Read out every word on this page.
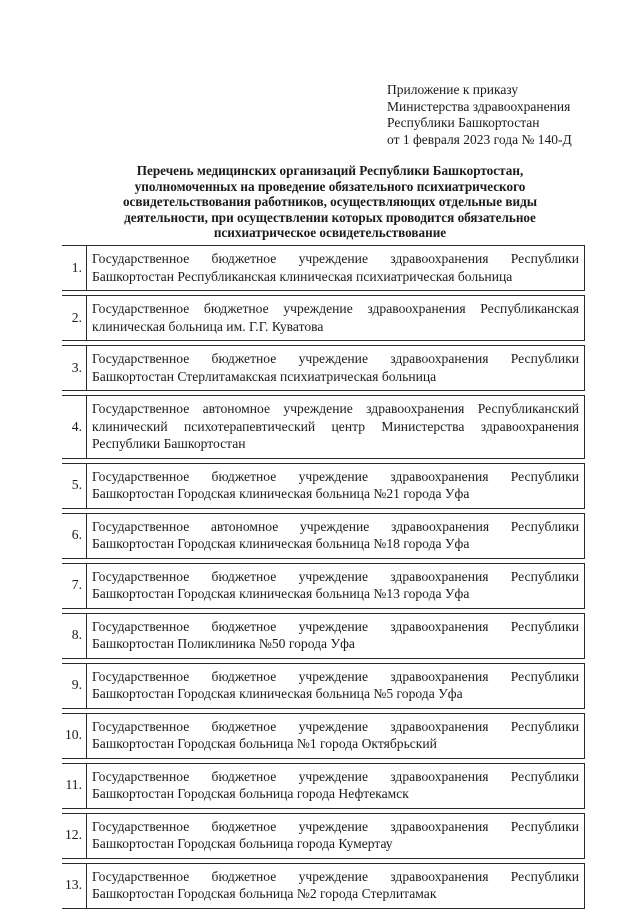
Приложение к приказу
Министерства здравоохранения
Республики Башкортостан
от 1 февраля 2023 года № 140-Д
Перечень медицинских организаций Республики Башкортостан,
уполномоченных на проведение обязательного психиатрического
освидетельствования работников, осуществляющих отдельные виды
деятельности, при осуществлении которых проводится обязательное
психиатрическое освидетельствование
1.	Государственное бюджетное учреждение здравоохранения Республики Башкортостан Республиканская клиническая психиатрическая больница

2.	Государственное бюджетное учреждение здравоохранения Республиканская клиническая больница им. Г.Г. Куватова

3.	Государственное бюджетное учреждение здравоохранения Республики Башкортостан Стерлитамакская психиатрическая больница

4.	Государственное автономное учреждение здравоохранения Республиканский клинический психотерапевтический центр Министерства здравоохранения Республики Башкортостан

5.	Государственное бюджетное учреждение здравоохранения Республики Башкортостан Городская клиническая больница №21 города Уфа

6.	Государственное автономное учреждение здравоохранения Республики Башкортостан Городская клиническая больница №18 города Уфа

7.	Государственное бюджетное учреждение здравоохранения Республики Башкортостан Городская клиническая больница №13 города Уфа

8.	Государственное бюджетное учреждение здравоохранения Республики Башкортостан Поликлиника №50 города Уфа

9.	Государственное бюджетное учреждение здравоохранения Республики Башкортостан Городская клиническая больница №5 города Уфа

10.	Государственное бюджетное учреждение здравоохранения Республики Башкортостан Городская больница №1 города Октябрьский

11.	Государственное бюджетное учреждение здравоохранения Республики Башкортостан Городская больница города Нефтекамск

12.	Государственное бюджетное учреждение здравоохранения Республики Башкортостан Городская больница города Кумертау

13.	Государственное бюджетное учреждение здравоохранения Республики Башкортостан Городская больница №2 города Стерлитамак
